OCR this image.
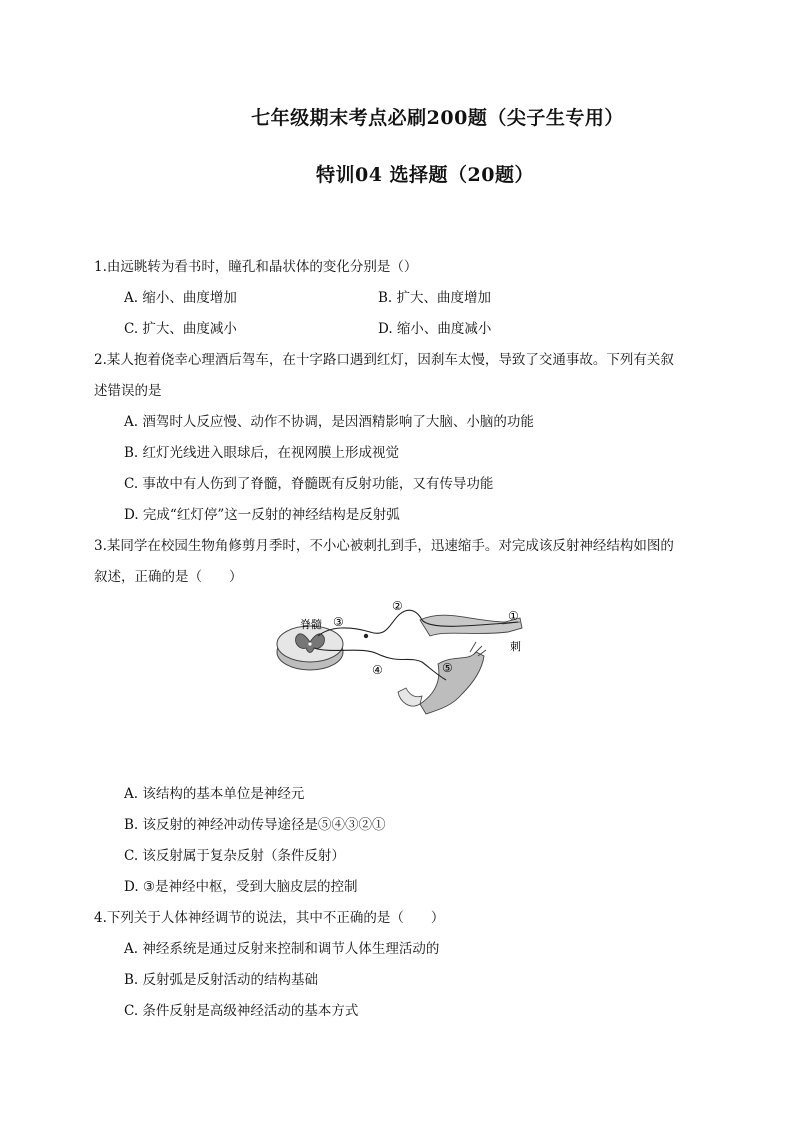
七年级期末考点必刷200题（尖子生专用）
特训04 选择题（20题）
1.由远眺转为看书时，瞳孔和晶状体的变化分别是（）
A. 缩小、曲度增加	B. 扩大、曲度增加
C. 扩大、曲度减小	D. 缩小、曲度减小
2.某人抱着侥幸心理酒后驾车，在十字路口遇到红灯，因刹车太慢，导致了交通事故。下列有关叙
述错误的是
A. 酒驾时人反应慢、动作不协调，是因酒精影响了大脑、小脑的功能
B. 红灯光线进入眼球后，在视网膜上形成视觉
C. 事故中有人伤到了脊髓，脊髓既有反射功能，又有传导功能
D. 完成“红灯停”这一反射的神经结构是反射弧
3.某同学在校园生物角修剪月季时，不小心被刺扎到手，迅速缩手。对完成该反射神经结构如图的
叙述，正确的是（　　）
脊髓 ③
②
①
刺
④	⑤
A. 该结构的基本单位是神经元
B. 该反射的神经冲动传导途径是⑤④③②①
C. 该反射属于复杂反射（条件反射）
D. ③是神经中枢，受到大脑皮层的控制
4.下列关于人体神经调节的说法，其中不正确的是（　　）
A. 神经系统是通过反射来控制和调节人体生理活动的
B. 反射弧是反射活动的结构基础
C. 条件反射是高级神经活动的基本方式
